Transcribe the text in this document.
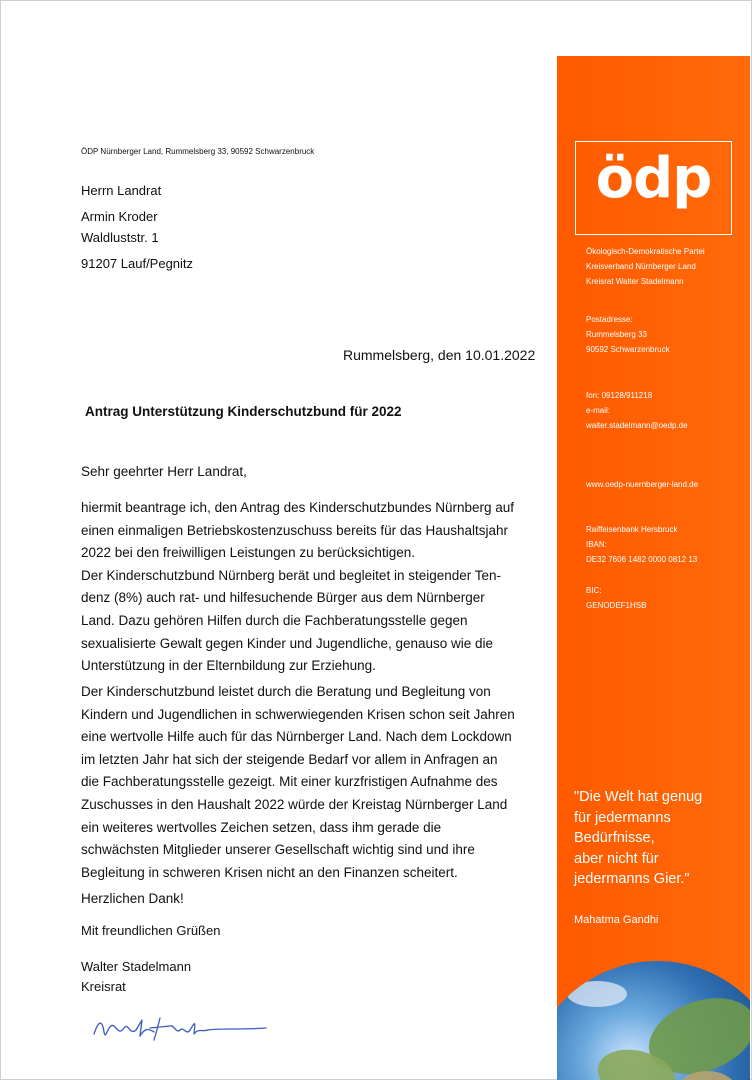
ÖDP Nürnberger Land, Rummelsberg 33, 90592 Schwarzenbruck
Herrn Landrat
Armin Kroder
Waldluststr. 1
91207 Lauf/Pegnitz
Rummelsberg, den 10.01.2022
Antrag Unterstützung Kinderschutzbund für 2022
Sehr geehrter Herr Landrat,
hiermit beantrage ich, den Antrag des Kinderschutzbundes Nürnberg auf
einen einmaligen Betriebskostenzuschuss bereits für das Haushaltsjahr
2022 bei den freiwilligen Leistungen zu berücksichtigen.
Der Kinderschutzbund Nürnberg berät und begleitet in steigender Ten-
denz (8%) auch rat- und hilfesuchende Bürger aus dem Nürnberger
Land. Dazu gehören Hilfen durch die Fachberatungsstelle gegen
sexualisierte Gewalt gegen Kinder und Jugendliche, genauso wie die
Unterstützung in der Elternbildung zur Erziehung.
Der Kinderschutzbund leistet durch die Beratung und Begleitung von
Kindern und Jugendlichen in schwerwiegenden Krisen schon seit Jahren
eine wertvolle Hilfe auch für das Nürnberger Land. Nach dem Lockdown
im letzten Jahr hat sich der steigende Bedarf vor allem in Anfragen an
die Fachberatungsstelle gezeigt. Mit einer kurzfristigen Aufnahme des
Zuschusses in den Haushalt 2022 würde der Kreistag Nürnberger Land
ein weiteres wertvolles Zeichen setzen, dass ihm gerade die
schwächsten Mitglieder unserer Gesellschaft wichtig sind und ihre
Begleitung in schweren Krisen nicht an den Finanzen scheitert.
Herzlichen Dank!
Mit freundlichen Grüßen
Walter Stadelmann
Kreisrat
ödp
Ökologisch-Demokratische Partei
Kreisverband Nürnberger Land
Kreisrat Walter Stadelmann
Postadresse:
Rummelsberg 33
90592 Schwarzenbruck
fon: 09128/911218
e-mail:
walter.stadelmann@oedp.de
www.oedp-nuernberger-land.de
Raiffeisenbank Hersbruck
IBAN:
DE32 7606 1482 0000 0812 13
BIC:
GENODEF1HSB
"Die Welt hat genug
für jedermanns
Bedürfnisse,
aber nicht für
jedermanns Gier."
Mahatma Gandhi
